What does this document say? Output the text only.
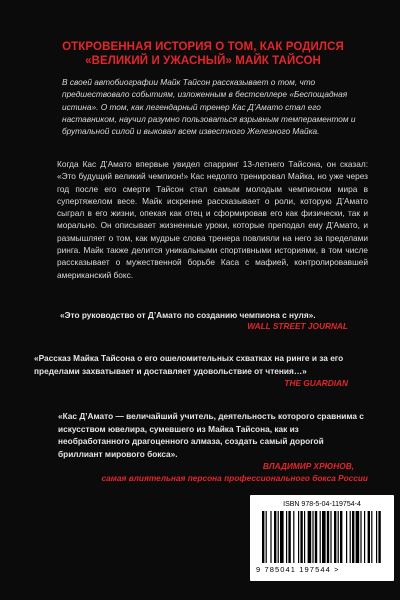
ОТКРОВЕННАЯ ИСТОРИЯ О ТОМ, КАК РОДИЛСЯ
«ВЕЛИКИЙ И УЖАСНЫЙ» МАЙК ТАЙСОН
В своей автобиографии Майк Тайсон рассказывает о том, что предшествовало событиям, изложенным в бестселлере «Беспощадная истина». О том, как легендарный тренер Кас Д’Амато стал его наставником, научил разумно пользоваться взрывным темпераментом и брутальной силой и выковал всем известного Железного Майка.
Когда Кас Д’Амато впервые увидел спарринг 13-летнего Тайсона, он сказал: «Это будущий великий чемпион!» Кас недолго тренировал Майка, но уже через год после его смерти Тайсон стал самым молодым чемпионом мира в супертяжелом весе. Майк искренне рассказывает о роли, которую Д’Амато сыграл в его жизни, опекая как отец и сформировав его как физически, так и морально. Он описывает жизненные уроки, которые преподал ему Д’Амато, и размышляет о том, как мудрые слова тренера повлияли на него за пределами ринга. Майк также делится уникальными спортивными историями, в том числе рассказывает о мужественной борьбе Каса с мафией, контролировавшей американский бокс.
«Это руководство от Д’Амато по созданию чемпиона с нуля».
WALL STREET JOURNAL
«Рассказ Майка Тайсона о его ошеломительных схватках на ринге и за его пределами захватывает и доставляет удовольствие от чтения…»
THE GUARDIAN
«Кас Д’Амато — величайший учитель, деятельность которого сравнима с искусством ювелира, сумевшего из Майка Тайсона, как из необработанного драгоценного алмаза, создать самый дорогой бриллиант мирового бокса».
ВЛАДИМИР ХРЮНОВ,
самая влиятельная персона профессионального бокса России
ISBN 978-5-04-119754-4
9 785041 197544 >
